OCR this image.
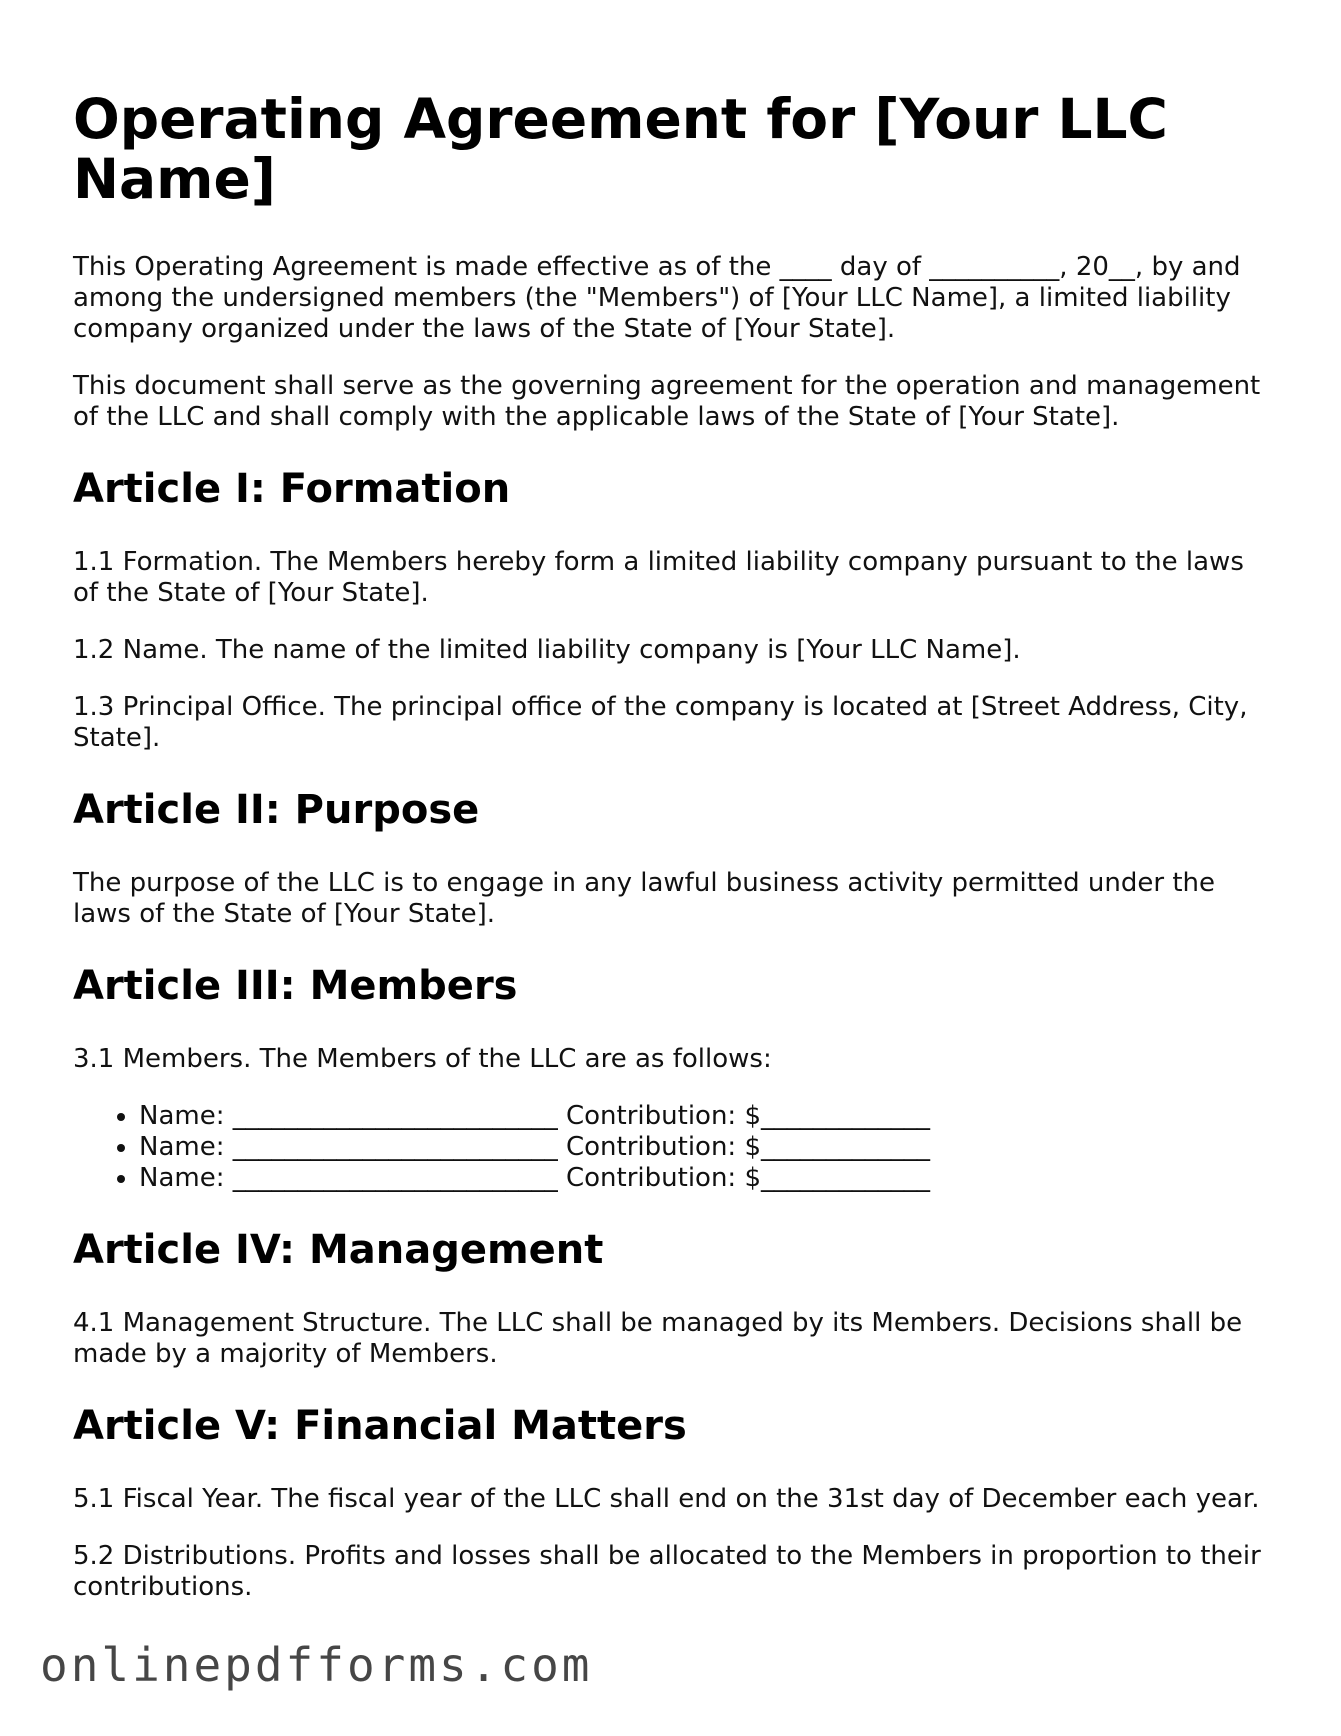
Operating Agreement for [Your LLC Name]

This Operating Agreement is made effective as of the ____ day of __________, 20__, by and among the undersigned members (the "Members") of [Your LLC Name], a limited liability company organized under the laws of the State of [Your State].

This document shall serve as the governing agreement for the operation and management of the LLC and shall comply with the applicable laws of the State of [Your State].

Article I: Formation

1.1 Formation. The Members hereby form a limited liability company pursuant to the laws of the State of [Your State].

1.2 Name. The name of the limited liability company is [Your LLC Name].

1.3 Principal Office. The principal office of the company is located at [Street Address, City, State].

Article II: Purpose

The purpose of the LLC is to engage in any lawful business activity permitted under the laws of the State of [Your State].

Article III: Members

3.1 Members. The Members of the LLC are as follows:

• Name: _________________________ Contribution: $_____________
• Name: _________________________ Contribution: $_____________
• Name: _________________________ Contribution: $_____________
Article IV: Management

4.1 Management Structure. The LLC shall be managed by its Members. Decisions shall be made by a majority of Members.

Article V: Financial Matters

5.1 Fiscal Year. The fiscal year of the LLC shall end on the 31st day of December each year.

5.2 Distributions. Profits and losses shall be allocated to the Members in proportion to their contributions.

onlinepdfforms.com
